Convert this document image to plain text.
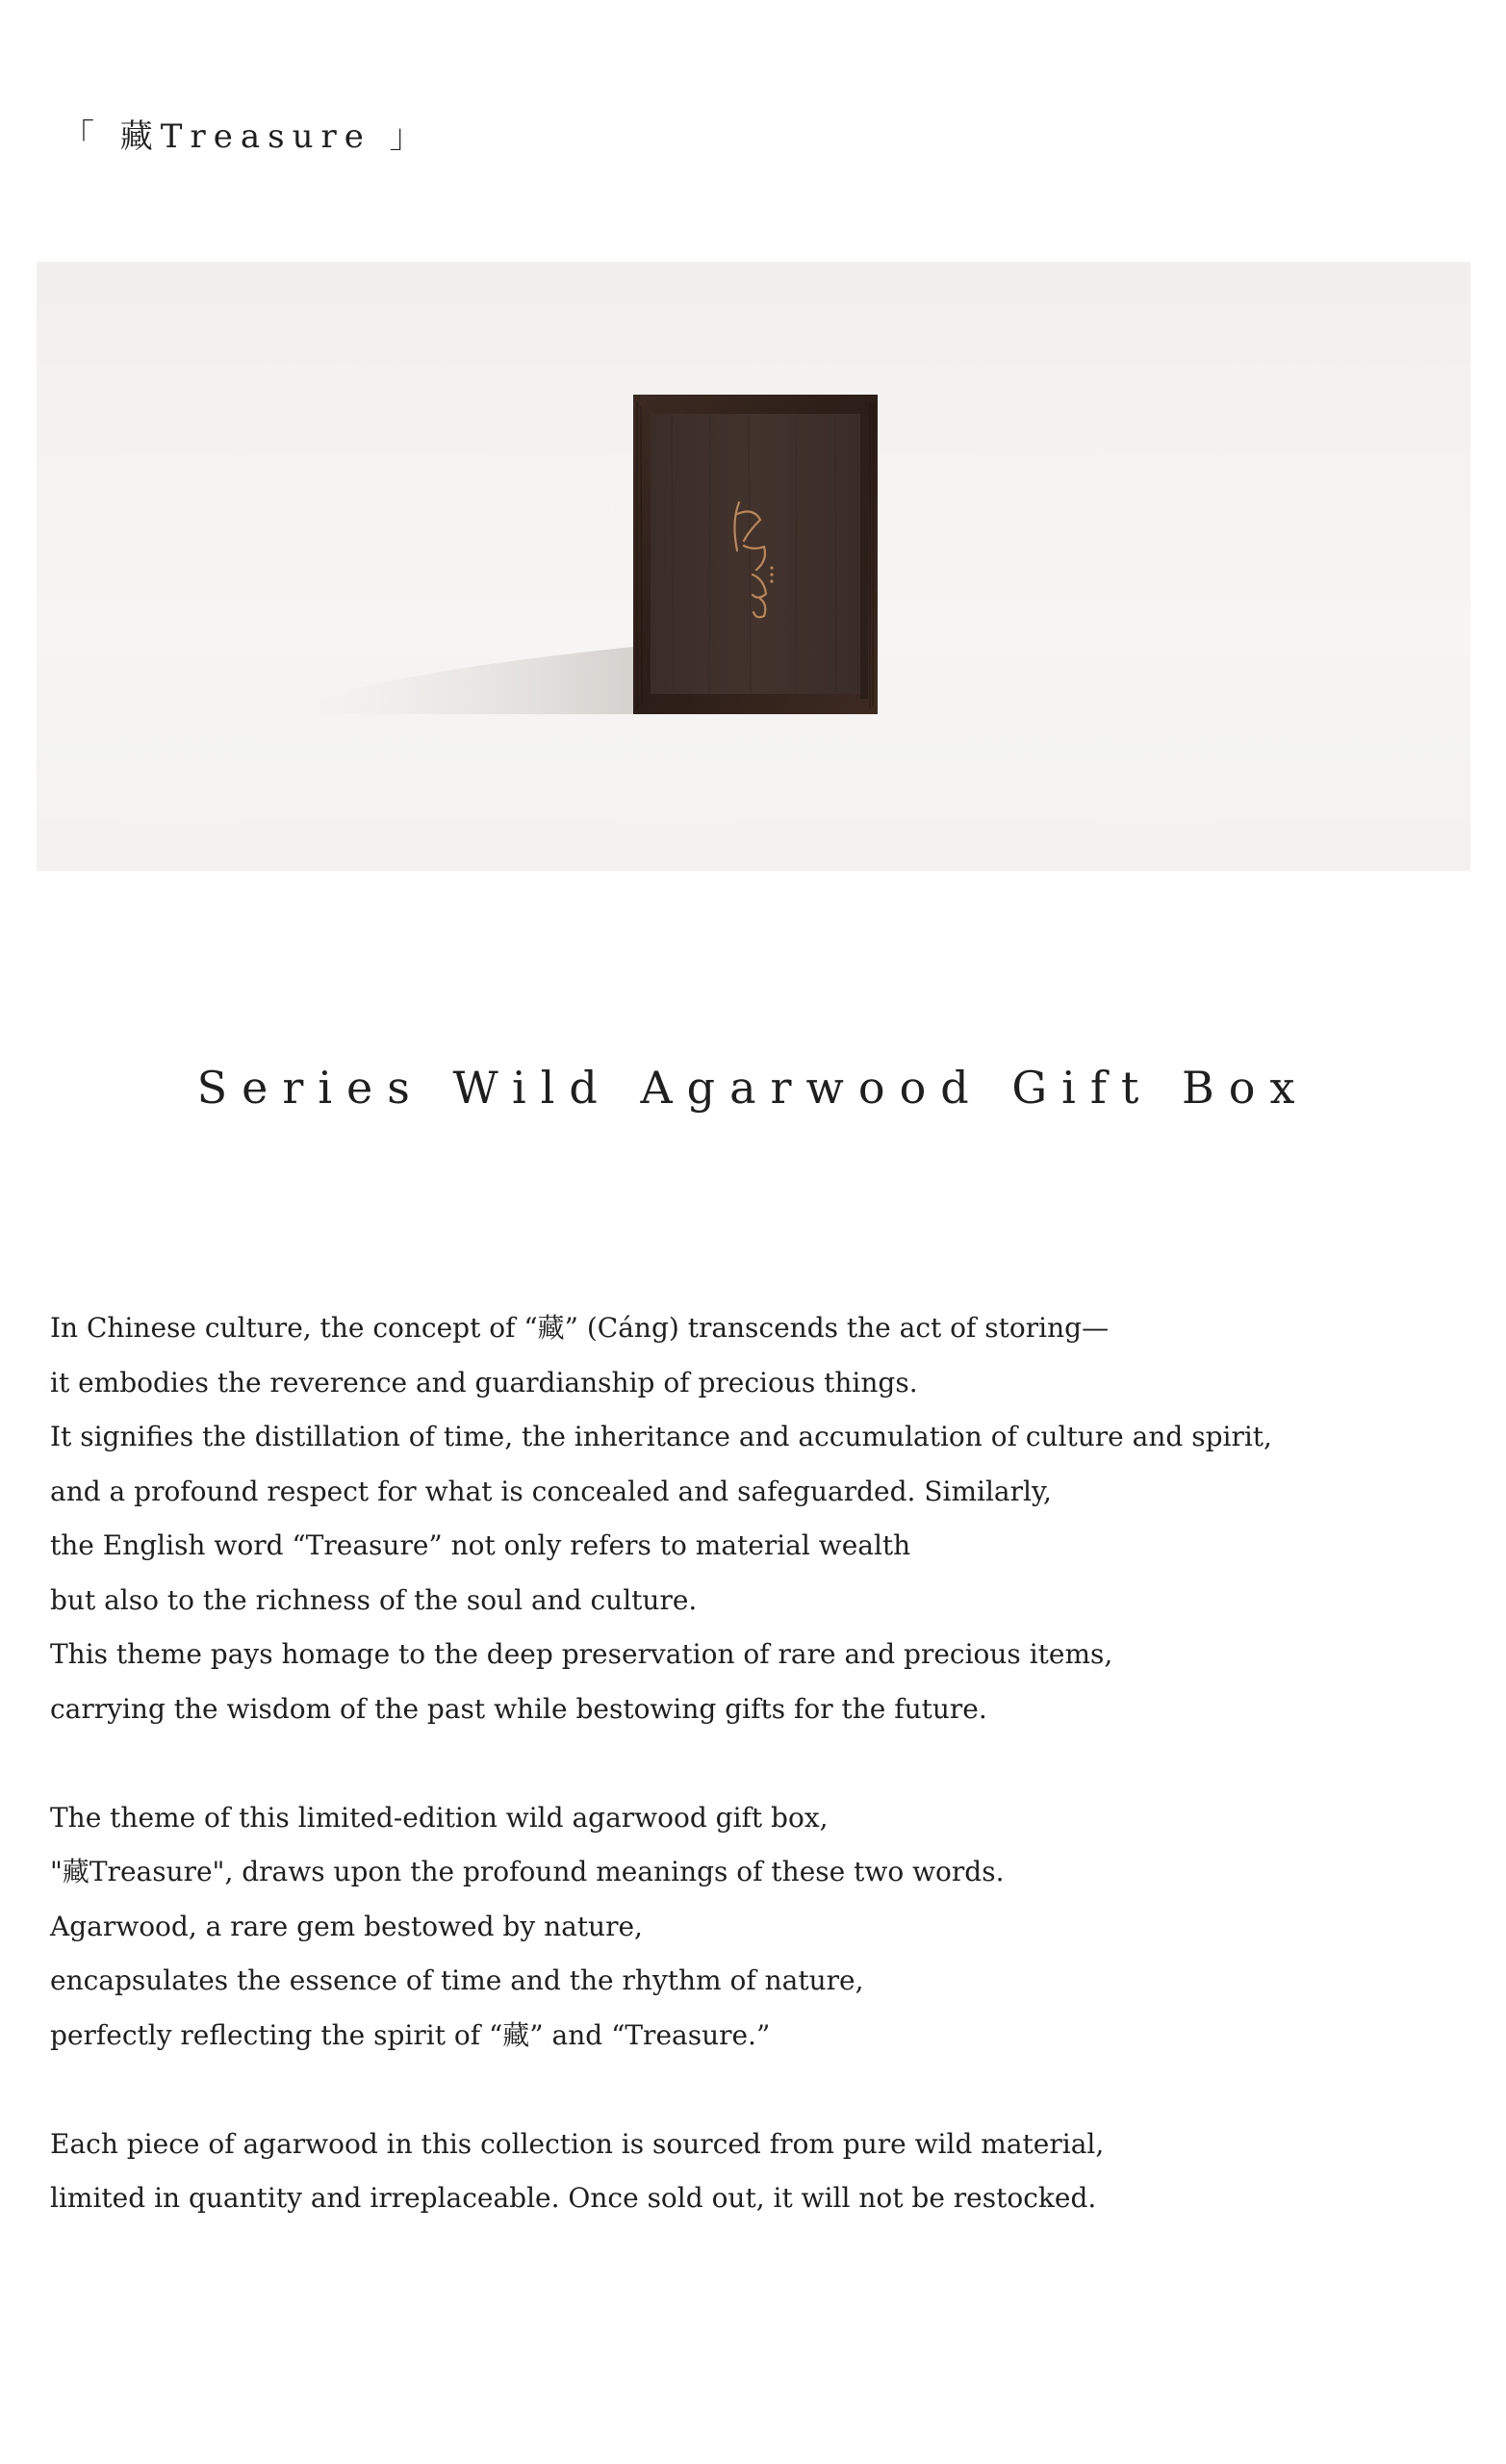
「 藏Treasure 」
Series Wild Agarwood Gift Box

In Chinese culture, the concept of “藏” (Cáng) transcends the act of storing—
it embodies the reverence and guardianship of precious things.
It signifies the distillation of time, the inheritance and accumulation of culture and spirit,
and a profound respect for what is concealed and safeguarded. Similarly,
the English word “Treasure” not only refers to material wealth
but also to the richness of the soul and culture.
This theme pays homage to the deep preservation of rare and precious items,
carrying the wisdom of the past while bestowing gifts for the future.

The theme of this limited-edition wild agarwood gift box,
"藏Treasure", draws upon the profound meanings of these two words.
Agarwood, a rare gem bestowed by nature,
encapsulates the essence of time and the rhythm of nature,
perfectly reflecting the spirit of “藏” and “Treasure.”

Each piece of agarwood in this collection is sourced from pure wild material,
limited in quantity and irreplaceable. Once sold out, it will not be restocked.
